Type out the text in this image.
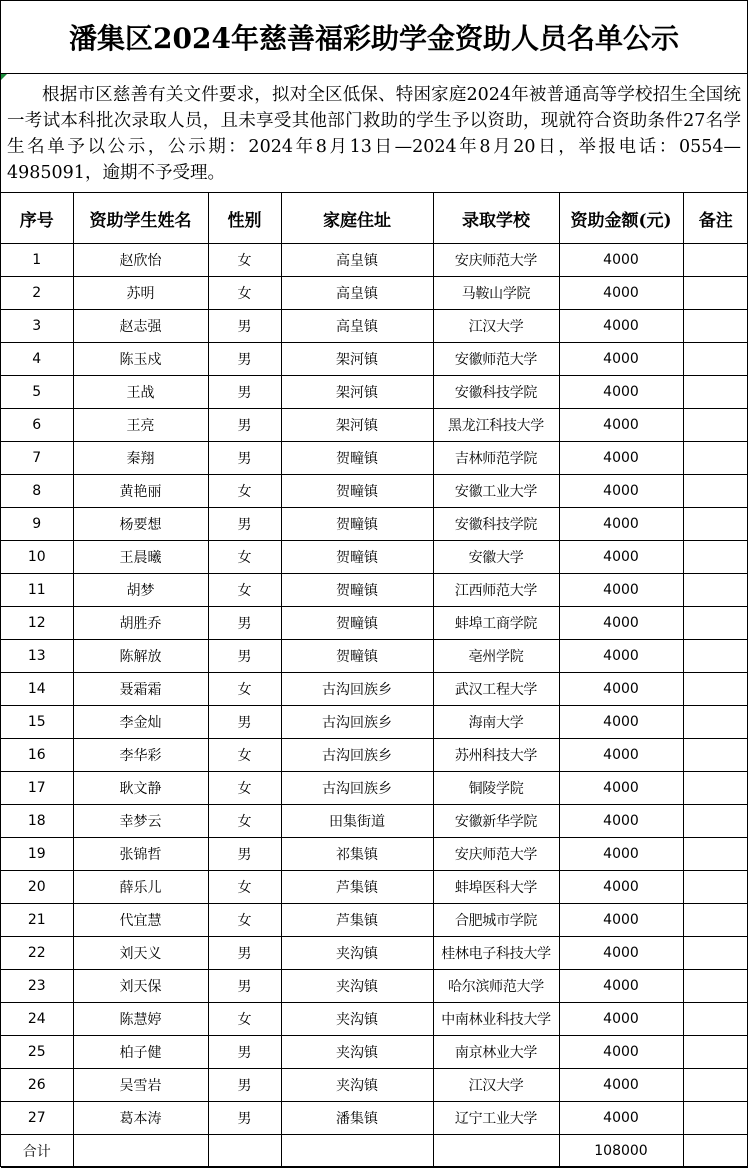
潘集区2024年慈善福彩助学金资助人员名单公示
根据市区慈善有关文件要求，拟对全区低保、特困家庭2024年被普通高等学校招生全国统一考试本科批次录取人员，且未享受其他部门救助的学生予以资助，现就符合资助条件27名学生名单予以公示，公示期：2024年8月13日—2024年8月20日，举报电话：0554—4985091，逾期不予受理。
序号	资助学生姓名	性别	家庭住址	录取学校	资助金额(元)	备注
1	赵欣怡	女	高皇镇	安庆师范大学	4000	
2	苏明	女	高皇镇	马鞍山学院	4000	
3	赵志强	男	高皇镇	江汉大学	4000	
4	陈玉戍	男	架河镇	安徽师范大学	4000	
5	王战	男	架河镇	安徽科技学院	4000	
6	王亮	男	架河镇	黑龙江科技大学	4000	
7	秦翔	男	贺疃镇	吉林师范学院	4000	
8	黄艳丽	女	贺疃镇	安徽工业大学	4000	
9	杨要想	男	贺疃镇	安徽科技学院	4000	
10	王晨曦	女	贺疃镇	安徽大学	4000	
11	胡梦	女	贺疃镇	江西师范大学	4000	
12	胡胜乔	男	贺疃镇	蚌埠工商学院	4000	
13	陈解放	男	贺疃镇	亳州学院	4000	
14	聂霜霜	女	古沟回族乡	武汉工程大学	4000	
15	李金灿	男	古沟回族乡	海南大学	4000	
16	李华彩	女	古沟回族乡	苏州科技大学	4000	
17	耿文静	女	古沟回族乡	铜陵学院	4000	
18	幸梦云	女	田集街道	安徽新华学院	4000	
19	张锦哲	男	祁集镇	安庆师范大学	4000	
20	薛乐儿	女	芦集镇	蚌埠医科大学	4000	
21	代宜慧	女	芦集镇	合肥城市学院	4000	
22	刘天义	男	夹沟镇	桂林电子科技大学	4000	
23	刘天保	男	夹沟镇	哈尔滨师范大学	4000	
24	陈慧婷	女	夹沟镇	中南林业科技大学	4000	
25	柏子健	男	夹沟镇	南京林业大学	4000	
26	吴雪岩	男	夹沟镇	江汉大学	4000	
27	葛本涛	男	潘集镇	辽宁工业大学	4000	
合计					108000	
